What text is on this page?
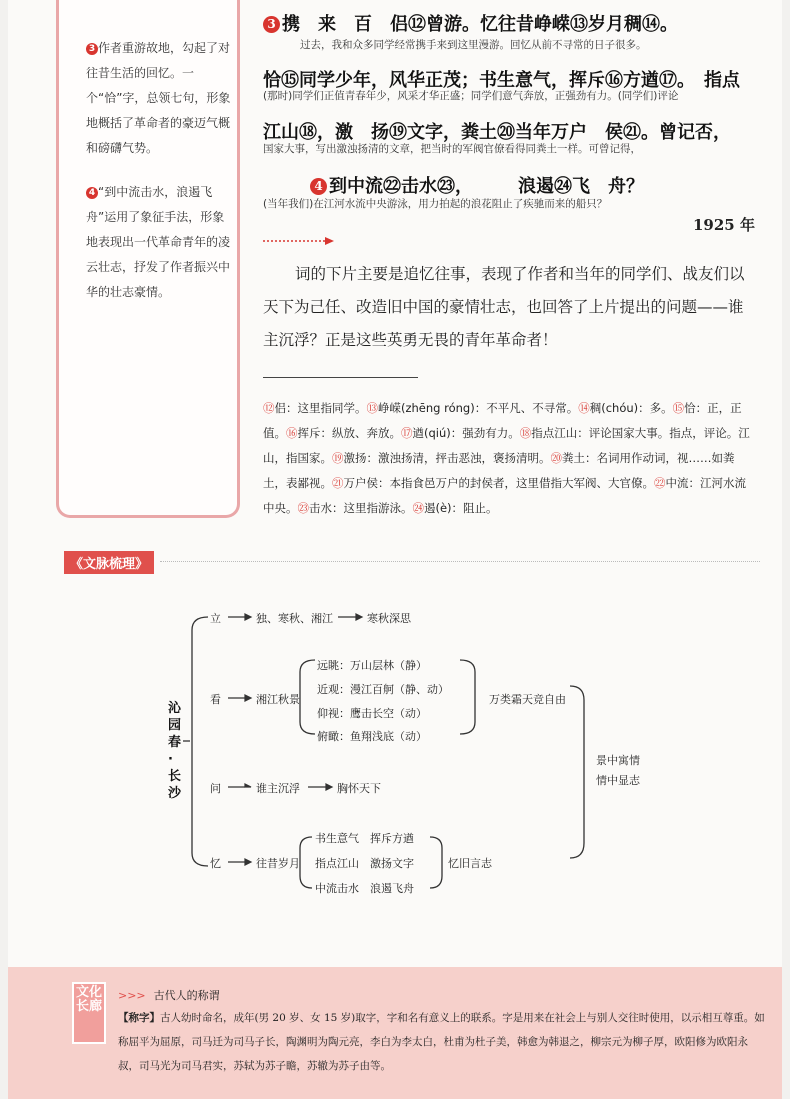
3 作者重游故地，勾起了对往昔生活的回忆。一个“恰”字，总领七句，形象地概括了革命者的豪迈气概和磅礴气势。
4 “到中流击水，浪遏飞舟”运用了象征手法，形象地表现出一代革命青年的凌云壮志，抒发了作者振兴中华的壮志豪情。
3 携　来　百　侣⑫曾游。忆往昔峥嵘⑬岁月稠⑭。
过去，我和众多同学经常携手来到这里漫游。回忆从前不寻常的日子很多。
恰⑮同学少年，风华正茂；书生意气，挥斥⑯方遒⑰。　指点
(那时)同学们正值青春年少，风采才华正盛；同学们意气奔放，正强劲有力。(同学们)评论
江山⑱，激　扬⑲文字，粪土⑳当年万户　侯㉑。曾记否，
国家大事，写出激浊扬清的文章，把当时的军阀官僚看得同粪土一样。可曾记得，
4 到中流㉒击水㉓，　　　浪遏㉔飞　舟？
(当年我们)在江河水流中央游泳，用力拍起的浪花阻止了疾驰而来的船只？
1925 年
词的下片主要是追忆往事，表现了作者和当年的同学们、战友们以天下为己任、改造旧中国的豪情壮志，也回答了上片提出的问题——谁主沉浮？正是这些英勇无畏的青年革命者！
⑫侣：这里指同学。⑬峥嵘(zhēng róng)：不平凡、不寻常。⑭稠(chóu)：多。⑮恰：正，正值。⑯挥斥：纵放、奔放。⑰遒(qiú)：强劲有力。⑱指点江山：评论国家大事。指点，评论。江山，指国家。⑲激扬：激浊扬清，抨击恶浊，褒扬清明。⑳粪土：名词用作动词，视……如粪土，表鄙视。㉑万户侯：本指食邑万户的封侯者，这里借指大军阀、大官僚。㉒中流：江河水流中央。㉓击水：这里指游泳。㉔遏(è)：阻止。
《文脉梳理》
沁园春·长沙
立	独、寒秋、湘江	寒秋深思
看	湘江秋景
远眺：万山层林（静）
近观：漫江百舸（静、动）
仰视：鹰击长空（动）
俯瞰：鱼翔浅底（动）
万类霜天竞自由
问	谁主沉浮	胸怀天下
忆	往昔岁月
书生意气　挥斥方遒
指点江山　激扬文字
中流击水　浪遏飞舟
忆旧言志
景中寓情
情中显志
文化长廊
>>> 古代人的称谓
【称字】古人幼时命名，成年(男 20 岁、女 15 岁)取字，字和名有意义上的联系。字是用来在社会上与别人交往时使用，以示相互尊重。如称屈平为屈原，司马迁为司马子长，陶渊明为陶元亮，李白为李太白，杜甫为杜子美，韩愈为韩退之，柳宗元为柳子厚，欧阳修为欧阳永叔，司马光为司马君实，苏轼为苏子瞻，苏辙为苏子由等。
